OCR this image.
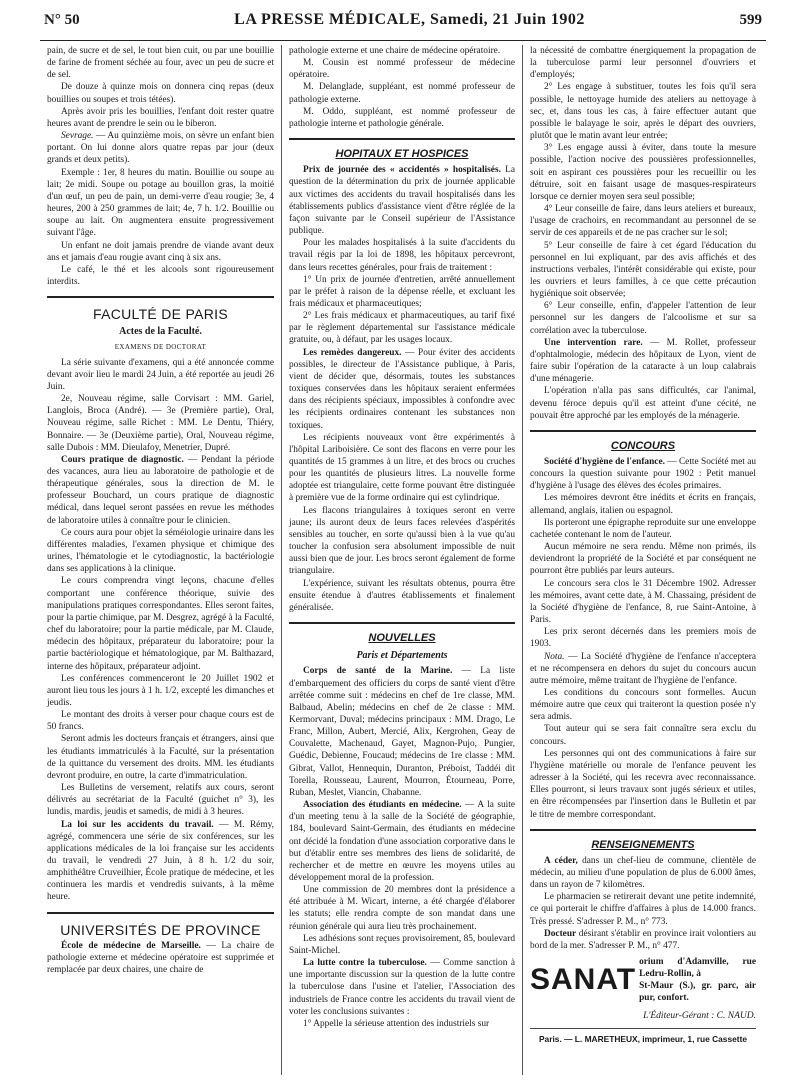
N° 50	LA PRESSE MÉDICALE, Samedi, 21 Juin 1902	599

pain, de sucre et de sel, le tout bien cuit, ou par une bouillie de farine de froment séchée au four, avec un peu de sucre et de sel.

De douze à quinze mois on donnera cinq repas (deux bouillies ou soupes et trois tétées).

Après avoir pris les bouillies, l'enfant doit rester quatre heures avant de prendre le sein ou le biberon.

Sevrage. — Au quinzième mois, on sèvre un enfant bien portant. On lui donne alors quatre repas par jour (deux grands et deux petits).

Exemple : 1er, 8 heures du matin. Bouillie ou soupe au lait; 2e midi. Soupe ou potage au bouillon gras, la moitié d'un œuf, un peu de pain, un demi-verre d'eau rougie; 3e, 4 heures, 200 à 250 grammes de lait; 4e, 7 h. 1/2. Bouillie ou soupe au lait. On augmentera ensuite progressivement suivant l'âge.

Un enfant ne doit jamais prendre de viande avant deux ans et jamais d'eau rougie avant cinq à six ans.

Le café, le thé et les alcools sont rigoureusement interdits.

FACULTÉ DE PARIS
Actes de la Faculté.
EXAMENS DE DOCTORAT

La série suivante d'examens, qui a été annoncée comme devant avoir lieu le mardi 24 Juin, a été reportée au jeudi 26 Juin.

2e, Nouveau régime, salle Corvisart : MM. Gariel, Langlois, Broca (André). — 3e (Première partie), Oral, Nouveau régime, salle Richet : MM. Le Dentu, Thiéry, Bonnaire. — 3e (Deuxième partie), Oral, Nouveau régime, salle Dubois : MM. Dieulafoy, Menetrier, Dupré.

Cours pratique de diagnostic. — Pendant la période des vacances, aura lieu au laboratoire de pathologie et de thérapeutique générales, sous la direction de M. le professeur Bouchard, un cours pratique de diagnostic médical, dans lequel seront passées en revue les méthodes de laboratoire utiles à connaître pour le clinicien.

Ce cours aura pour objet la séméiologie urinaire dans les différentes maladies, l'examen physique et chimique des urines, l'hématologie et le cytodiagnostic, la bactériologie dans ses applications à la clinique.

Le cours comprendra vingt leçons, chacune d'elles comportant une conférence théorique, suivie des manipulations pratiques correspondantes. Elles seront faites, pour la partie chimique, par M. Desgrez, agrégé à la Faculté, chef du laboratoire; pour la partie médicale, par M. Claude, médecin des hôpitaux, préparateur du laboratoire; pour la partie bactériologique et hématologique, par M. Balthazard, interne des hôpitaux, préparateur adjoint.

Les conférences commenceront le 20 Juillet 1902 et auront lieu tous les jours à 1 h. 1/2, excepté les dimanches et jeudis.

Le montant des droits à verser pour chaque cours est de 50 francs.

Seront admis les docteurs français et étrangers, ainsi que les étudiants immatriculés à la Faculté, sur la présentation de la quittance du versement des droits. MM. les étudiants devront produire, en outre, la carte d'immatriculation.

Les Bulletins de versement, relatifs aux cours, seront délivrés au secrétariat de la Faculté (guichet n° 3), les lundis, mardis, jeudis et samedis, de midi à 3 heures.

La loi sur les accidents du travail. — M. Rémy, agrégé, commencera une série de six conférences, sur les applications médicales de la loi française sur les accidents du travail, le vendredi 27 Juin, à 8 h. 1/2 du soir, amphithéâtre Cruveilhier, École pratique de médecine, et les continuera les mardis et vendredis suivants, à la même heure.

UNIVERSITÉS DE PROVINCE

École de médecine de Marseille. — La chaire de pathologie externe et médecine opératoire est supprimée et remplacée par deux chaires, une chaire de

pathologie externe et une chaire de médecine opératoire.

M. Cousin est nommé professeur de médecine opératoire.

M. Delanglade, suppléant, est nommé professeur de pathologie externe.

M. Oddo, suppléant, est nommé professeur de pathologie interne et pathologie générale.

HOPITAUX ET HOSPICES

Prix de journée des « accidentés » hospitalisés. La question de la détermination du prix de journée applicable aux victimes des accidents du travail hospitalisés dans les établissements publics d'assistance vient d'être réglée de la façon suivante par le Conseil supérieur de l'Assistance publique.

Pour les malades hospitalisés à la suite d'accidents du travail régis par la loi de 1898, les hôpitaux percevront, dans leurs recettes générales, pour frais de traitement :

1° Un prix de journée d'entretien, arrêté annuellement par le préfet à raison de la dépense réelle, et excluant les frais médicaux et pharmaceutiques;

2° Les frais médicaux et pharmaceutiques, au tarif fixé par le règlement départemental sur l'assistance médicale gratuite, ou, à défaut, par les usages locaux.

Les remèdes dangereux. — Pour éviter des accidents possibles, le directeur de l'Assistance publique, à Paris, vient de décider que, désormais, toutes les substances toxiques conservées dans les hôpitaux seraient enfermées dans des récipients spéciaux, impossibles à confondre avec les récipients ordinaires contenant les substances non toxiques.

Les récipients nouveaux vont être expérimentés à l'hôpital Lariboisière. Ce sont des flacons en verre pour les quantités de 15 grammes à un litre, et des brocs ou cruches pour les quantités de plusieurs litres. La nouvelle forme adoptée est triangulaire, cette forme pouvant être distinguée à première vue de la forme ordinaire qui est cylindrique.

Les flacons triangulaires à toxiques seront en verre jaune; ils auront deux de leurs faces relevées d'aspérités sensibles au toucher, en sorte qu'aussi bien à la vue qu'au toucher la confusion sera absolument impossible de nuit aussi bien que de jour. Les brocs seront également de forme triangulaire.

L'expérience, suivant les résultats obtenus, pourra être ensuite étendue à d'autres établissements et finalement généralisée.

NOUVELLES
Paris et Départements

Corps de santé de la Marine. — La liste d'embarquement des officiers du corps de santé vient d'être arrêtée comme suit : médecins en chef de 1re classe, MM. Balbaud, Abelin; médecins en chef de 2e classe : MM. Kermorvant, Duval; médecins principaux : MM. Drago, Le Franc, Millon, Aubert, Mercié, Alix, Kergrohen, Geay de Couvalette, Machenaud, Gayet, Magnon-Pujo, Pungier, Guédic, Debienne, Foucaud; médecins de 1re classe : MM. Gibrat, Vallot, Hennequin, Duranton, Préboist, Taddéi dit Torella, Rousseau, Laurent, Mourron, Étourneau, Porre, Ruban, Meslet, Viancin, Chabanne.

Association des étudiants en médecine. — A la suite d'un meeting tenu à la salle de la Société de géographie, 184, boulevard Saint-Germain, des étudiants en médecine ont décidé la fondation d'une association corporative dans le but d'établir entre ses membres des liens de solidarité, de rechercher et de mettre en œuvre les moyens utiles au développement moral de la profession.

Une commission de 20 membres dont la présidence a été attribuée à M. Wicart, interne, a été chargée d'élaborer les statuts; elle rendra compte de son mandat dans une réunion générale qui aura lieu très prochainement.

Les adhésions sont reçues provisoirement, 85, boulevard Saint-Michel.

La lutte contre la tuberculose. — Comme sanction à une importante discussion sur la question de la lutte contre la tuberculose dans l'usine et l'atelier, l'Association des industriels de France contre les accidents du travail vient de voter les conclusions suivantes :

1° Appelle la sérieuse attention des industriels sur

la nécessité de combattre énergiquement la propagation de la tuberculose parmi leur personnel d'ouvriers et d'employés;

2° Les engage à substituer, toutes les fois qu'il sera possible, le nettoyage humide des ateliers au nettoyage à sec, et, dans tous les cas, à faire effectuer autant que possible le balayage le soir, après le départ des ouvriers, plutôt que le matin avant leur entrée;

3° Les engage aussi à éviter, dans toute la mesure possible, l'action nocive des poussières professionnelles, soit en aspirant ces poussières pour les recueillir ou les détruire, soit en faisant usage de masques-respirateurs lorsque ce dernier moyen sera seul possible;

4° Leur conseille de faire, dans leurs ateliers et bureaux, l'usage de crachoirs, en recommandant au personnel de se servir de ces appareils et de ne pas cracher sur le sol;

5° Leur conseille de faire à cet égard l'éducation du personnel en lui expliquant, par des avis affichés et des instructions verbales, l'intérêt considérable qui existe, pour les ouvriers et leurs familles, à ce que cette précaution hygiénique soit observée;

6° Leur conseille, enfin, d'appeler l'attention de leur personnel sur les dangers de l'alcoolisme et sur sa corrélation avec la tuberculose.

Une intervention rare. — M. Rollet, professeur d'ophtalmologie, médecin des hôpitaux de Lyon, vient de faire subir l'opération de la cataracte à un loup calabrais d'une ménagerie.

L'opération n'alla pas sans difficultés, car l'animal, devenu féroce depuis qu'il est atteint d'une cécité, ne pouvait être approché par les employés de la ménagerie.

CONCOURS

Société d'hygiène de l'enfance. — Cette Société met au concours la question suivante pour 1902 : Petit manuel d'hygiène à l'usage des élèves des écoles primaires.

Les mémoires devront être inédits et écrits en français, allemand, anglais, italien ou espagnol.

Ils porteront une épigraphe reproduite sur une enveloppe cachetée contenant le nom de l'auteur.

Aucun mémoire ne sera rendu. Même non primés, ils deviendront la propriété de la Société et par conséquent ne pourront être publiés par leurs auteurs.

Le concours sera clos le 31 Décembre 1902. Adresser les mémoires, avant cette date, à M. Chassaing, président de la Société d'hygiène de l'enfance, 8, rue Saint-Antoine, à Paris.

Les prix seront décernés dans les premiers mois de 1903.

Nota. — La Société d'hygiène de l'enfance n'acceptera et ne récompensera en dehors du sujet du concours aucun autre mémoire, même traitant de l'hygiène de l'enfance.

Les conditions du concours sont formelles. Aucun mémoire autre que ceux qui traiteront la question posée n'y sera admis.

Tout auteur qui se sera fait connaître sera exclu du concours.

Les personnes qui ont des communications à faire sur l'hygiène matérielle ou morale de l'enfance peuvent les adresser à la Société, qui les recevra avec reconnaissance. Elles pourront, si leurs travaux sont jugés sérieux et utiles, en être récompensées par l'insertion dans le Bulletin et par le titre de membre correspondant.

RENSEIGNEMENTS

A céder, dans un chef-lieu de commune, clientèle de médecin, au milieu d'une population de plus de 6.000 âmes, dans un rayon de 7 kilomètres.

Le pharmacien se retirerait devant une petite indemnité, ce qui porterait le chiffre d'affaires à plus de 14.000 francs. Très pressé. S'adresser P. M., n° 773.

Docteur désirant s'établir en province irait volontiers au bord de la mer. S'adresser P. M., n° 477.

SANAT
orium d'Adamville, rue Ledru-Rollin, à
St-Maur (S.), gr. parc, air pur, confort.
L'Éditeur-Gérant : C. NAUD.
Paris. — L. MARETHEUX, imprimeur, 1, rue Cassette
